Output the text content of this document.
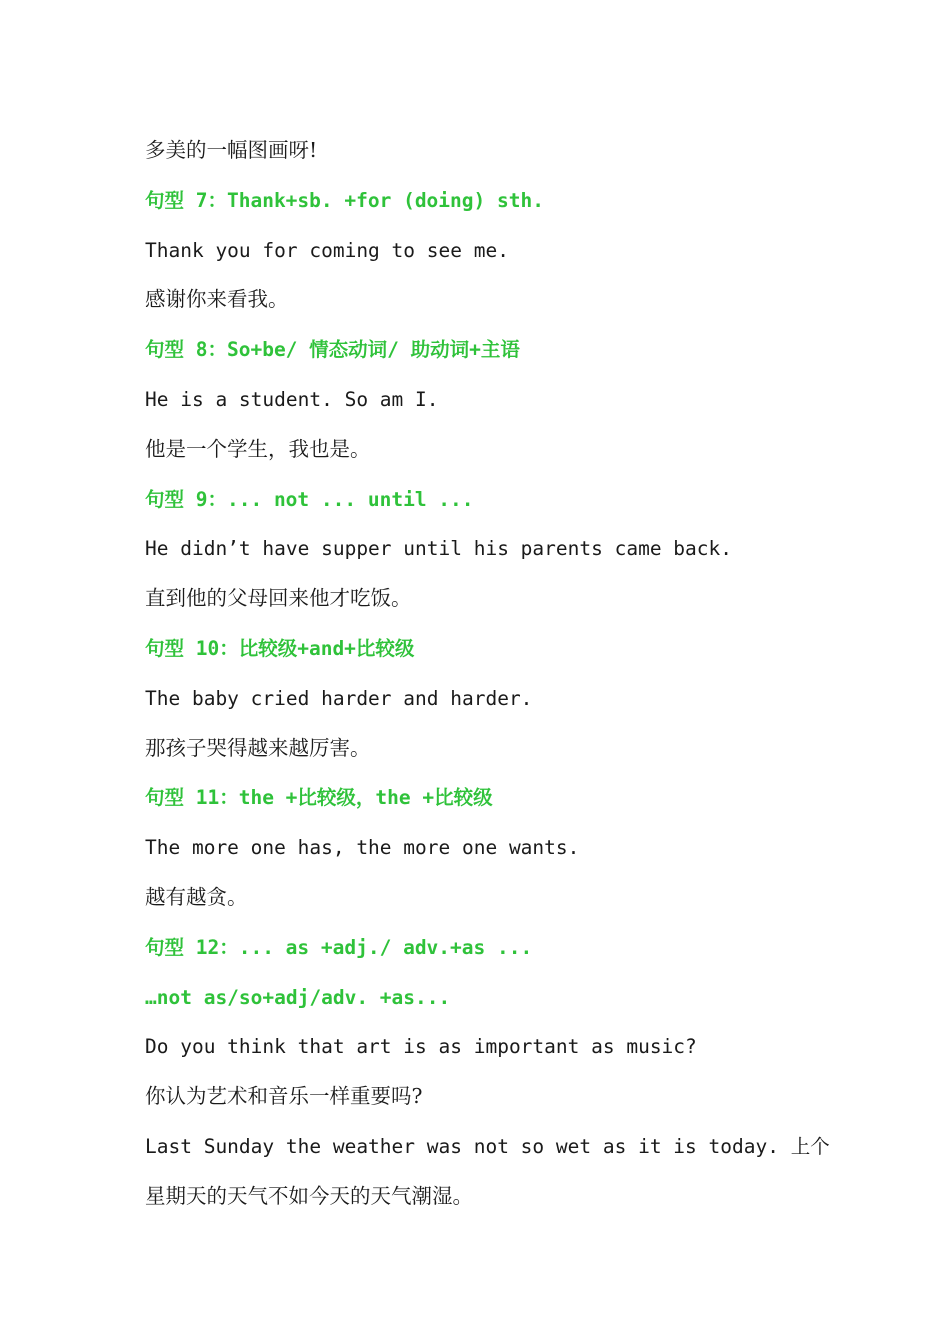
多美的一幅图画呀!
句型 7：Thank+sb. +for (doing) sth.
Thank you for coming to see me.
感谢你来看我。
句型 8：So+be/ 情态动词/ 助动词+主语
He is a student. So am I.
他是一个学生，我也是。
句型 9：... not ... until ...
He didn’t have supper until his parents came back.
直到他的父母回来他才吃饭。
句型 10：比较级+and+比较级
The baby cried harder and harder.
那孩子哭得越来越厉害。
句型 11：the +比较级，the +比较级
The more one has, the more one wants.
越有越贪。
句型 12：... as +adj./ adv.+as ...
…not as/so+adj/adv. +as...
Do you think that art is as important as music?
你认为艺术和音乐一样重要吗?
Last Sunday the weather was not so wet as it is today. 上个
星期天的天气不如今天的天气潮湿。
